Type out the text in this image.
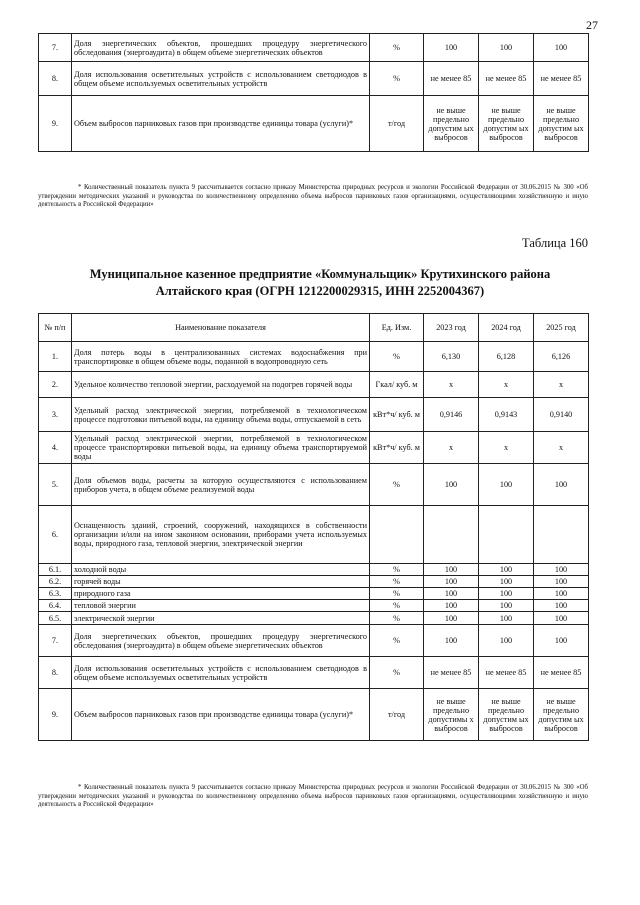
27
7.	Доля энергетических объектов, прошедших процедуру энергетического обследования (энергоаудита) в общем объеме энергетических объектов	%	100	100	100
8.	Доля использования осветительных устройств с использованием светодиодов в общем объеме используемых осветительных устройств	%	не менее 85	не менее 85	не менее 85
9.	Объем выбросов парниковых газов при производстве единицы товара (услуги)*	т/год	не выше предельно допустим ых выбросов	не выше предельно допустим ых выбросов	не выше предельно допустим ых выбросов
* Количественный показатель пункта 9 рассчитывается согласно приказу Министерства природных ресурсов и экологии Российской Федерации от 30.06.2015 № 300 «Об утверждении методических указаний и руководства по количественному определению объема выбросов парниковых газов организациями, осуществляющими хозяйственную и иную деятельность в Российской Федерации»
Таблица 160
Муниципальное казенное предприятие «Коммунальщик» Крутихинского района
Алтайского края (ОГРН 1212200029315, ИНН 2252004367)
№ п/п	Наименование показателя	Ед. Изм.	2023 год	2024 год	2025 год
1.	Доля потерь воды в централизованных системах водоснабжения при транспортировке в общем объеме воды, поданной в водопроводную сеть	%	6,130	6,128	6,126
2.	Удельное количество тепловой энергии, расходуемой на подогрев горячей воды	Гкал/ куб. м	х	х	х
3.	Удельный расход электрической энергии, потребляемой в технологическом процессе подготовки питьевой воды, на единицу объема воды, отпускаемой в сеть	кВт*ч/ куб. м	0,9146	0,9143	0,9140
4.	Удельный расход электрической энергии, потребляемой в технологическом процессе транспортировки питьевой воды, на единицу объема транспортируемой воды	кВт*ч/ куб. м	х	х	х
5.	Доля объемов воды, расчеты за которую осуществляются с использованием приборов учета, в общем объеме реализуемой воды	%	100	100	100
6.	Оснащенность зданий, строений, сооружений, находящихся в собственности организации и/или на ином законном основании, приборами учета используемых воды, природного газа, тепловой энергии, электрической энергии				
6.1.	холодной воды	%	100	100	100
6.2.	горячей воды	%	100	100	100
6.3.	природного газа	%	100	100	100
6.4.	тепловой энергии	%	100	100	100
6.5.	электрической энергии	%	100	100	100
7.	Доля энергетических объектов, прошедших процедуру энергетического обследования (энергоаудита) в общем объеме энергетических объектов	%	100	100	100
8.	Доля использования осветительных устройств с использованием светодиодов в общем объеме используемых осветительных устройств	%	не менее 85	не менее 85	не менее 85
9.	Объем выбросов парниковых газов при производстве единицы товара (услуги)*	т/год	не выше предельно допустимы х выбросов	не выше предельно допустим ых выбросов	не выше предельно допустим ых выбросов
* Количественный показатель пункта 9 рассчитывается согласно приказу Министерства природных ресурсов и экологии Российской Федерации от 30.06.2015 № 300 «Об утверждении методических указаний и руководства по количественному определению объема выбросов парниковых газов организациями, осуществляющими хозяйственную и иную деятельность в Российской Федерации»
